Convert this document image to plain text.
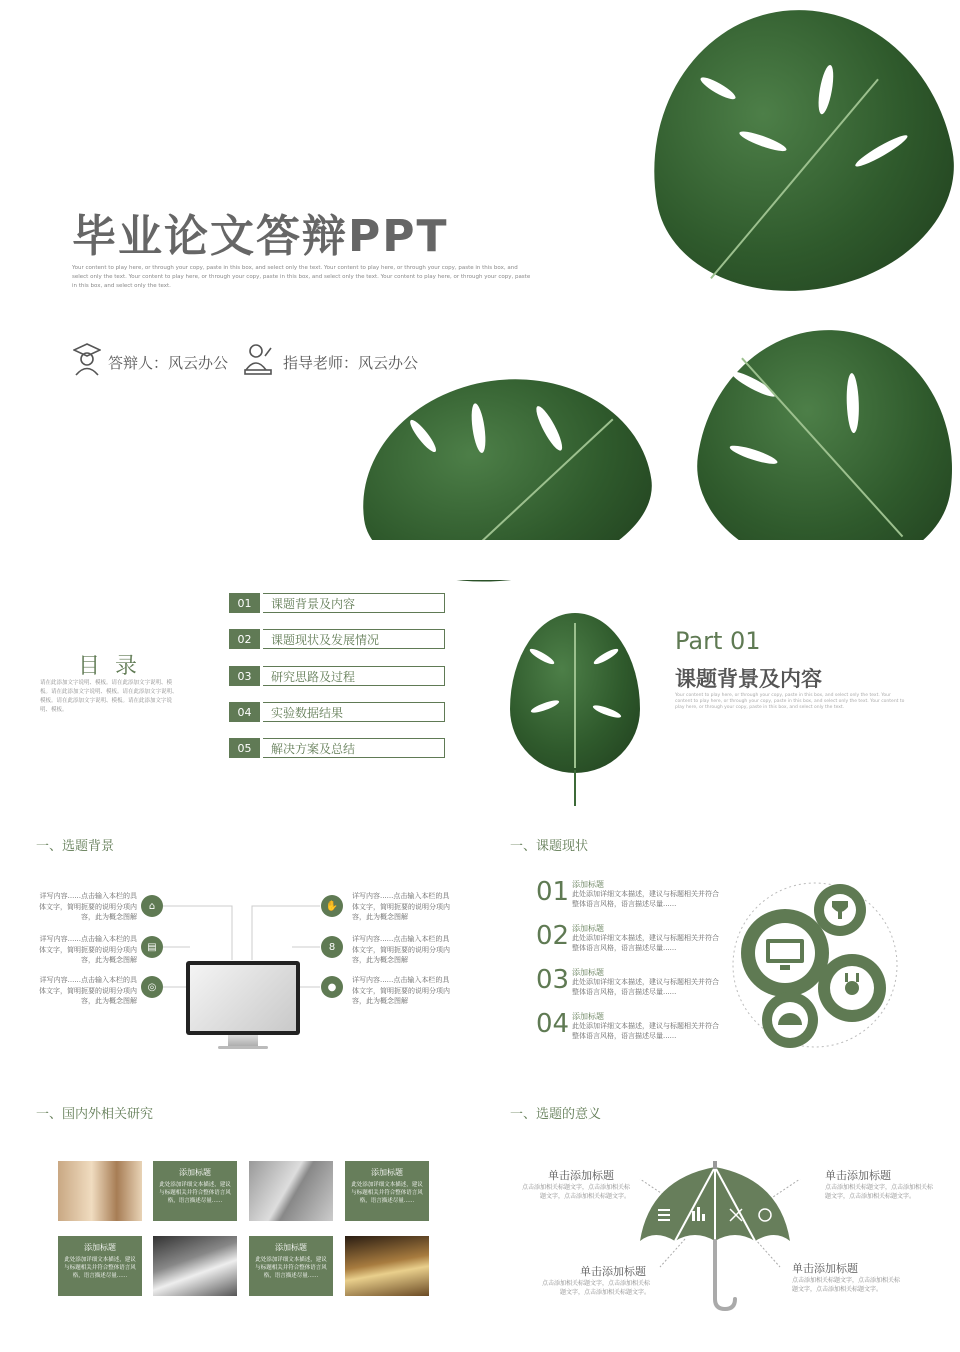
毕业论文答辩PPT
Your content to play here, or through your copy, paste in this box, and select only the text. Your content to play here, or through your copy, paste in this box, and select only the text. Your content to play here, or through your copy, paste in this box, and select only the text. Your content to play here, or through your copy, paste in this box, and select only the text.
答辩人：风云办公	指导老师：风云办公
目 录
请在此添加文字说明、模板。请在此添加文字说明、模板。请在此添加文字说明、模板。请在此添加文字说明、模板。请在此添加文字说明、模板。请在此添加文字说明、模板。
01	课题背景及内容
02	课题现状及发展情况
03	研究思路及过程
04	实验数据结果
05	解决方案及总结
Part 01
课题背景及内容
Your content to play here, or through your copy, paste in this box, and select only the text. Your content to play here, or through your copy, paste in this box, and select only the text. Your content to play here, or through your copy, paste in this box, and select only the text.
一、选题背景
详写内容......点击输入本栏的具体文字，简明扼要的说明分项内容，此为概念图解
详写内容......点击输入本栏的具体文字，简明扼要的说明分项内容，此为概念图解
详写内容......点击输入本栏的具体文字，简明扼要的说明分项内容，此为概念图解
⌂
▤
◎
✋
8
●
详写内容......点击输入本栏的具体文字，简明扼要的说明分项内容，此为概念图解
详写内容......点击输入本栏的具体文字，简明扼要的说明分项内容，此为概念图解
详写内容......点击输入本栏的具体文字，简明扼要的说明分项内容，此为概念图解
一、课题现状
01 添加标题
此处添加详细文本描述，建议与标题相关并符合整体语言风格，语言描述尽量......
02 添加标题
此处添加详细文本描述，建议与标题相关并符合整体语言风格，语言描述尽量......
03 添加标题
此处添加详细文本描述，建议与标题相关并符合整体语言风格，语言描述尽量......
04 添加标题
此处添加详细文本描述，建议与标题相关并符合整体语言风格，语言描述尽量......
一、国内外相关研究
添加标题
此处添加详细文本描述，建议与标题相关并符合整体语言风格，语言描述尽量......
添加标题
此处添加详细文本描述，建议与标题相关并符合整体语言风格，语言描述尽量......
添加标题
此处添加详细文本描述，建议与标题相关并符合整体语言风格，语言描述尽量......
添加标题
此处添加详细文本描述，建议与标题相关并符合整体语言风格，语言描述尽量......
一、选题的意义
单击添加标题
点击添加相关标题文字，点击添加相关标题文字，点击添加相关标题文字。
单击添加标题
点击添加相关标题文字，点击添加相关标题文字，点击添加相关标题文字。
单击添加标题
点击添加相关标题文字，点击添加相关标题文字，点击添加相关标题文字。
单击添加标题
点击添加相关标题文字，点击添加相关标题文字，点击添加相关标题文字。
